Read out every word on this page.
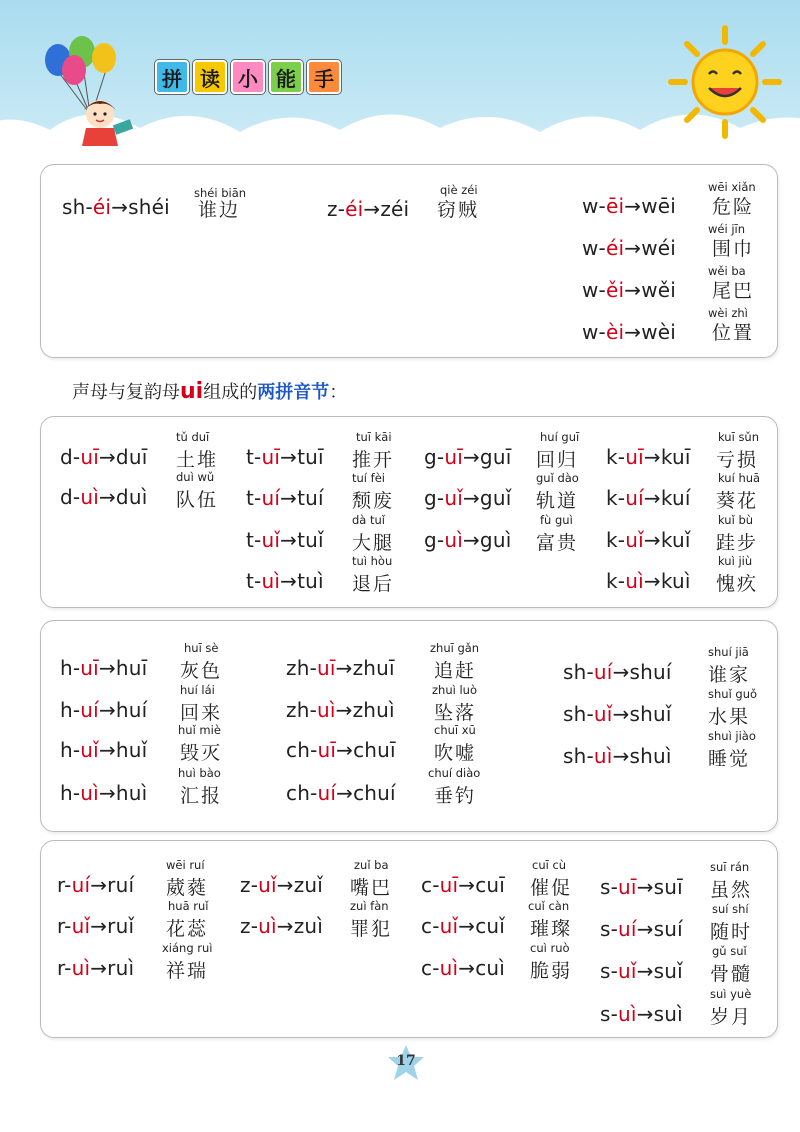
拼 读 小 能 手
声母与复韵母ui组成的两拼音节：
sh-éi→shéi
shéi biān
谁边	z-éi→zéi
qiè zéi
窃贼	w-ēi→wēi
wēi xiǎn
危险
w-éi→wéi
wéi jīn
围巾
w-ěi→wěi
wěi ba
尾巴
w-èi→wèi
wèi zhì
位置
d-uī→duī
tǔ duī
土堆
d-uì→duì
duì wǔ
队伍
t-uī→tuī
tuī kāi
推开
t-uí→tuí
tuí fèi
颓废
t-uǐ→tuǐ
dà tuǐ
大腿
t-uì→tuì
tuì hòu
退后
g-uī→guī
huí guī
回归
g-uǐ→guǐ
guǐ dào
轨道
g-uì→guì
fù guì
富贵
k-uī→kuī
kuī sǔn
亏损
k-uí→kuí
kuí huā
葵花
k-uǐ→kuǐ
kuǐ bù
跬步
k-uì→kuì
kuì jiù
愧疚
h-uī→huī
huī sè
灰色
h-uí→huí
huí lái
回来
h-uǐ→huǐ
huǐ miè
毁灭
h-uì→huì
huì bào
汇报
zh-uī→zhuī
zhuī gǎn
追赶
zh-uì→zhuì
zhuì luò
坠落
ch-uī→chuī
chuī xū
吹嘘
ch-uí→chuí
chuí diào
垂钓
sh-uí→shuí
shuí jiā
谁家
sh-uǐ→shuǐ
shuǐ guǒ
水果
sh-uì→shuì
shuì jiào
睡觉
r-uí→ruí
wēi ruí
葳蕤
r-uǐ→ruǐ
huā ruǐ
花蕊
r-uì→ruì
xiáng ruì
祥瑞
z-uǐ→zuǐ
zuǐ ba
嘴巴
z-uì→zuì
zuì fàn
罪犯
c-uī→cuī
cuī cù
催促
c-uǐ→cuǐ
cuǐ càn
璀璨
c-uì→cuì
cuì ruò
脆弱
s-uī→suī
suī rán
虽然
s-uí→suí
suí shí
随时
s-uǐ→suǐ
gǔ suǐ
骨髓
s-uì→suì
suì yuè
岁月
17
